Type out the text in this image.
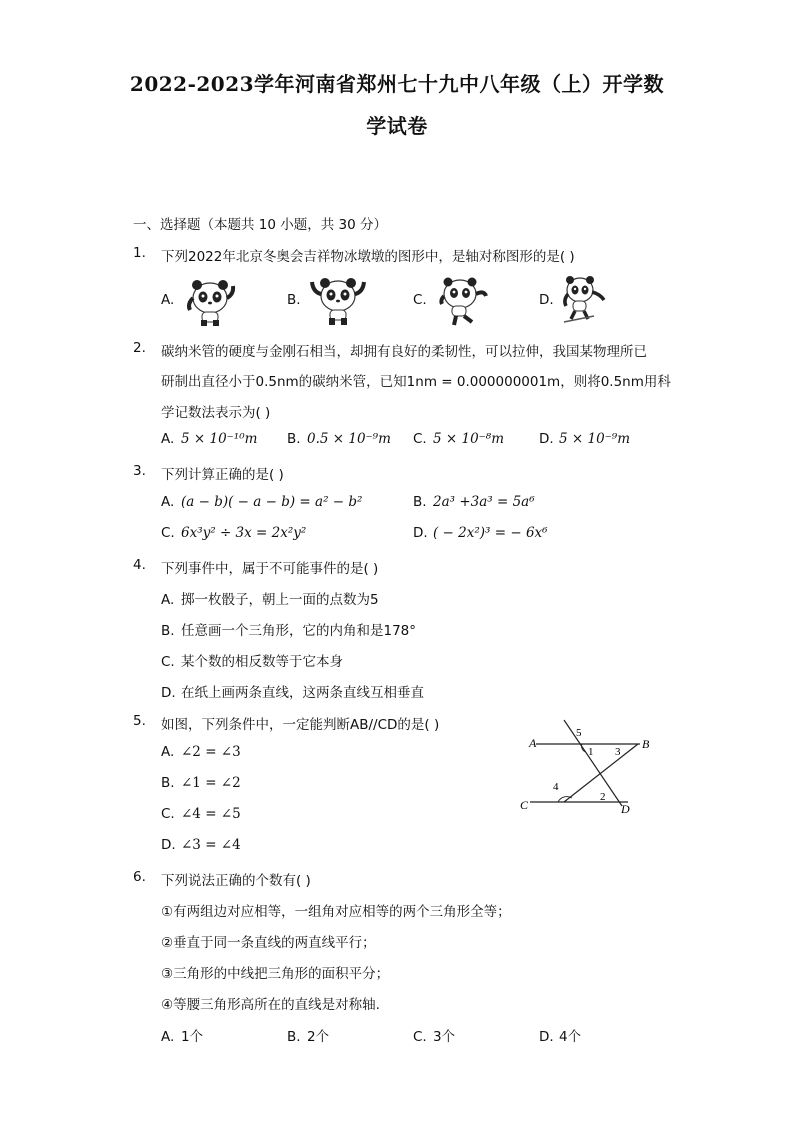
2022-2023学年河南省郑州七十九中八年级（上）开学数
学试卷
一、选择题（本题共 10 小题，共 30 分）
1. 下列2022年北京冬奥会吉祥物冰墩墩的图形中，是轴对称图形的是( )
A.	B.	C.	D.
2. 碳纳米管的硬度与金刚石相当，却拥有良好的柔韧性，可以拉伸，我国某物理所已
研制出直径小于0.5nm的碳纳米管，已知1nm = 0.000000001m，则将0.5nm用科
学记数法表示为( )
A. 5 × 10⁻¹⁰m B. 0.5 × 10⁻⁹m C. 5 × 10⁻⁸m	D. 5 × 10⁻⁹m
3. 下列计算正确的是( )
A. (a − b)( − a − b) = a² − b²	B. 2a³ +3a³ = 5a⁶
C. 6x³y² ÷ 3x = 2x²y²	D. ( − 2x²)³ = − 6x⁶
4. 下列事件中，属于不可能事件的是( )
A. 掷一枚骰子，朝上一面的点数为5
B. 任意画一个三角形，它的内角和是178°
C. 某个数的相反数等于它本身
D. 在纸上画两条直线，这两条直线互相垂直
5. 如图，下列条件中，一定能判断AB//CD的是( )
A. ∠2 = ∠3
B. ∠1 = ∠2
C. ∠4 = ∠5
D. ∠3 = ∠4
A	B
C	D
1
2
3
4
5
6. 下列说法正确的个数有( )
①有两组边对应相等，一组角对应相等的两个三角形全等；
②垂直于同一条直线的两直线平行；
③三角形的中线把三角形的面积平分；
④等腰三角形高所在的直线是对称轴.
A. 1个	B. 2个	C. 3个	D. 4个
